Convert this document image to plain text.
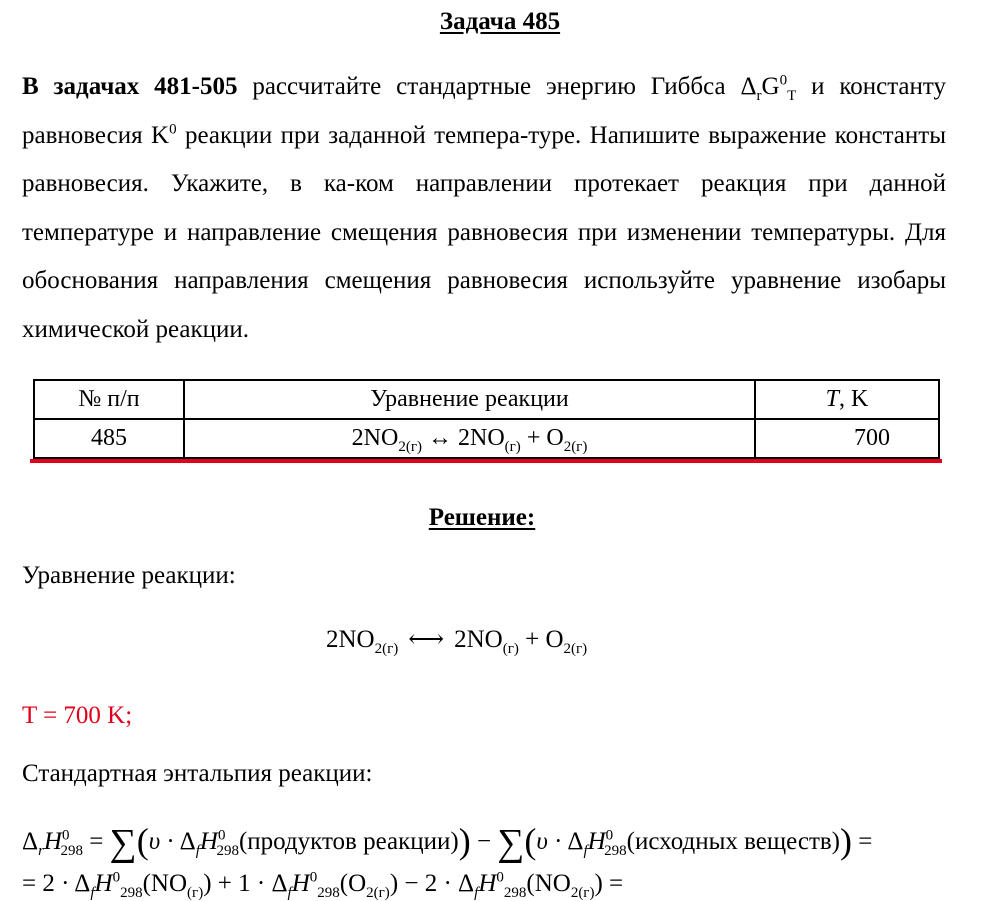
Задача 485

В задачах 481-505 рассчитайте стандартные энергию Гиббса $\Delta_rG^0_T$ и константу равновесия $K^0$ реакции при заданной темпера-туре. Напишите выражение константы равновесия. Укажите, в ка-ком направлении протекает реакция при данной температуре и направление смещения равновесия при изменении температуры. Для обоснования направления смещения равновесия используйте уравнение изобары химической реакции.

№ п/п	Уравнение реакции	T, K
485	$2NO_{2(г)}$ ↔ $2NO_{(г)} + O_{2(г)}$	700
Решение:
Уравнение реакции:
$2NO_{2(г)}$ ⟷ $2NO_{(г)} + O_{2(г)}$
T = 700 K;
Стандартная энтальпия реакции:
$\Delta_rH^0_{298} = \sum(\upsilon$ · $\Delta_fH^0_{298}(продуктов$ реакции)) − $\sum(\upsilon \cdot \Delta_fH^0_{298}(исходных$ веществ)) =
= $2 \cdot \Delta_fH^0_{298}(NO_{(г)}) + 1 \cdot \Delta_fH^0_{298}(O_{2(г)}) - 2 \cdot \Delta_fH^0_{298}(NO_{2(г)})$ =
